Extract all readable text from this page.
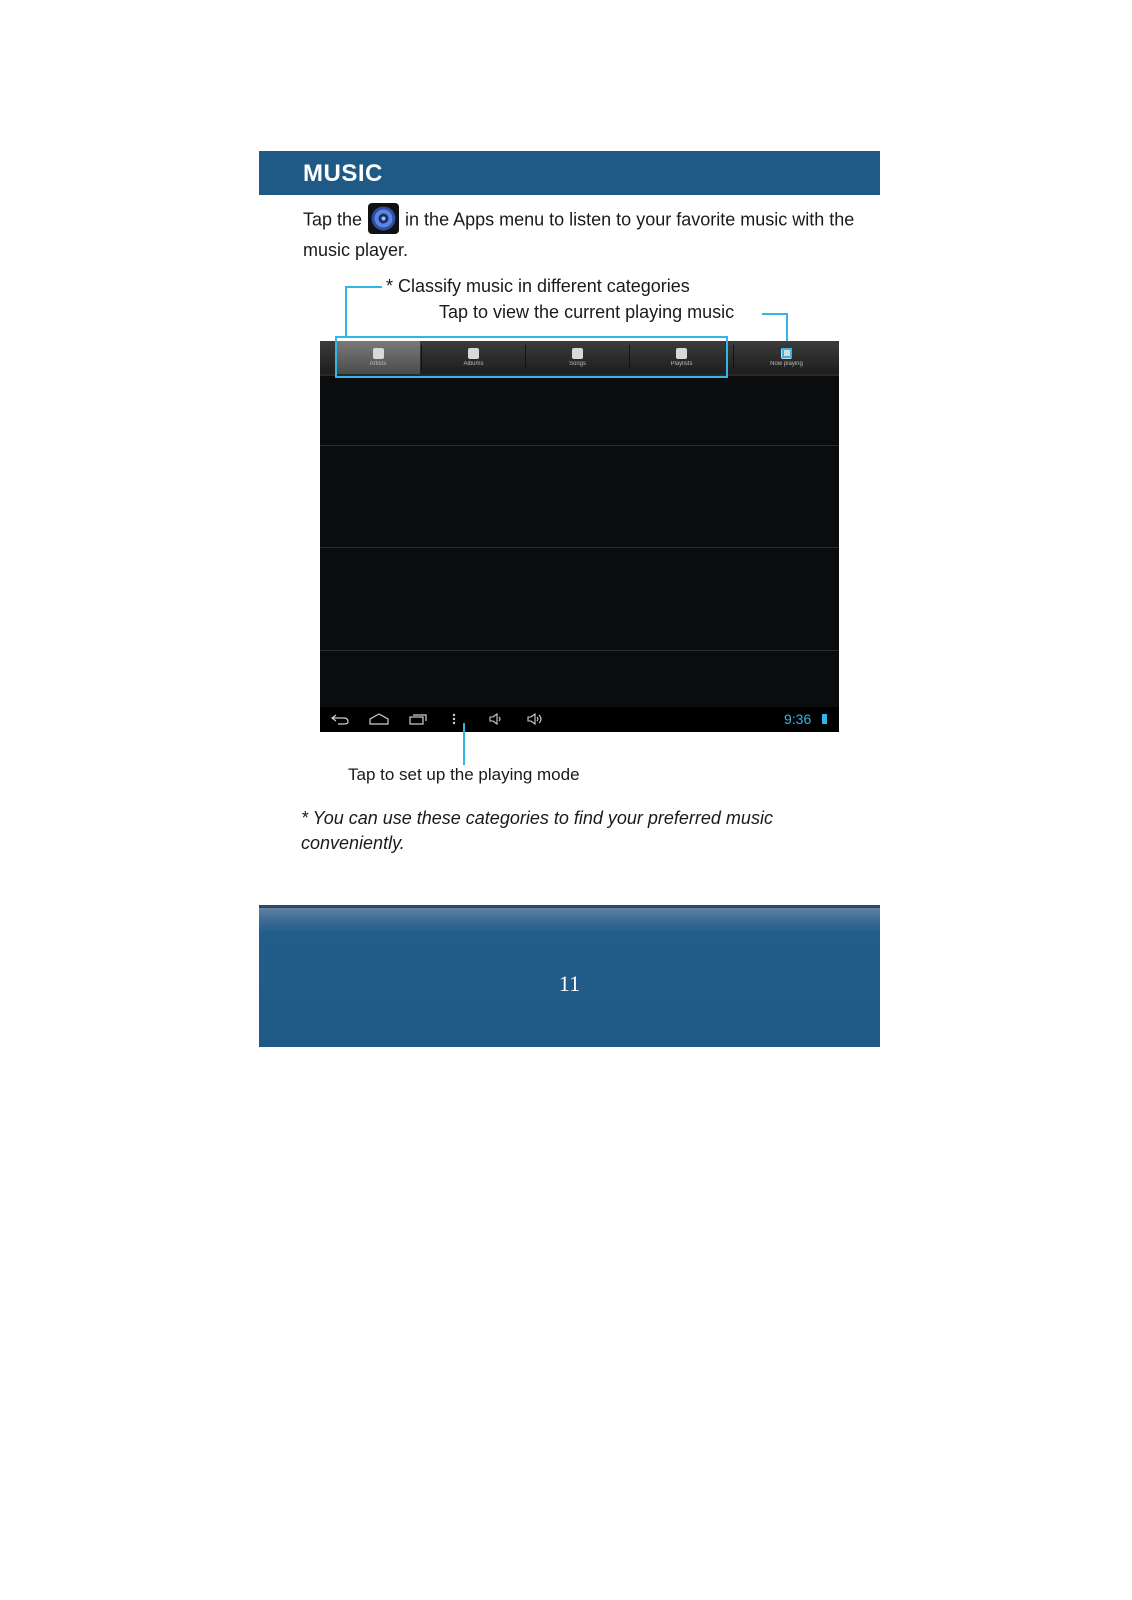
MUSIC
Tap the in the Apps menu to listen to your favorite music with the music player.
* Classify music in different categories
Tap to view the current playing music
Artists	Albums	Songs	Playlists	Now playing
9:36
Tap to set up the playing mode
* You can use these categories to find your preferred music conveniently.
11
